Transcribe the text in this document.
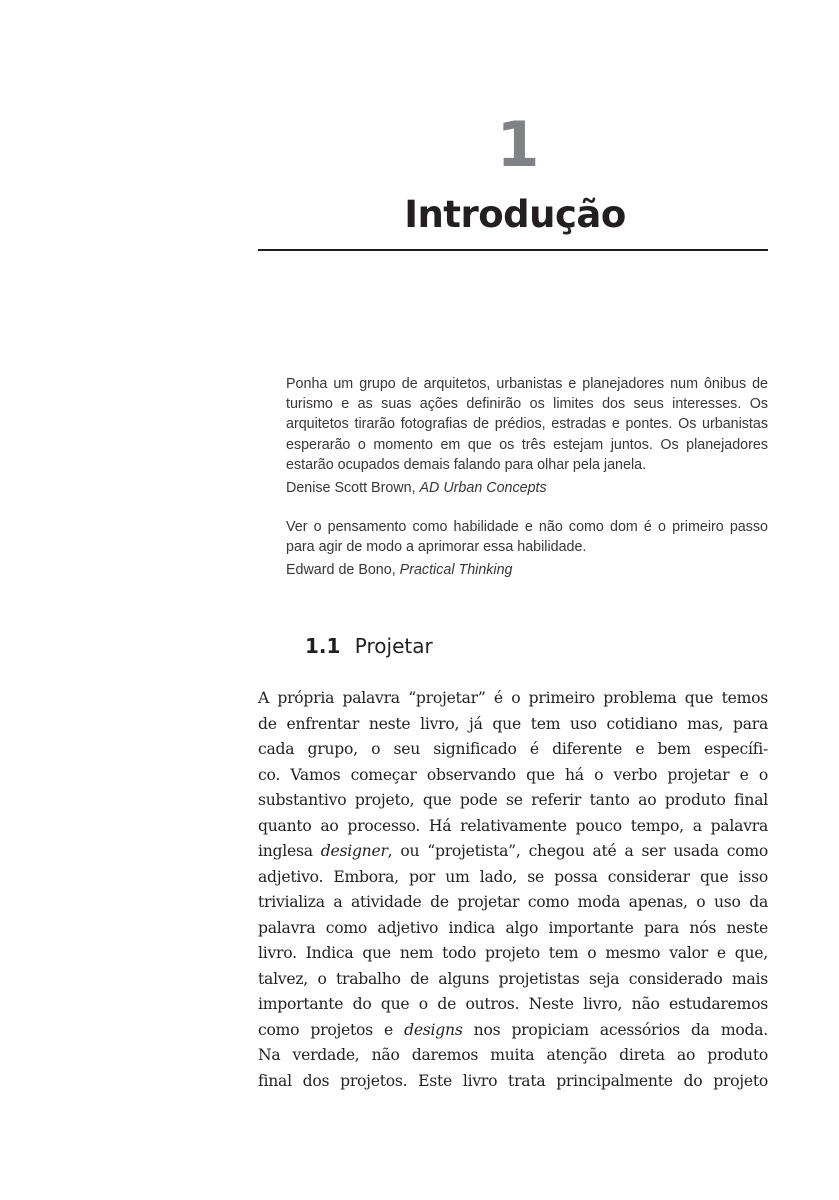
1
Introdução

Ponha um grupo de arquitetos, urbanistas e planejadores num ônibus de turismo e as suas ações definirão os limites dos seus interesses. Os arquitetos tirarão fotografias de prédios, estradas e pontes. Os urbanistas esperarão o momento em que os três estejam juntos. Os planejadores estarão ocupados demais falando para olhar pela janela.

Denise Scott Brown, AD Urban Concepts

Ver o pensamento como habilidade e não como dom é o primeiro passo para agir de modo a aprimorar essa habilidade.

Edward de Bono, Practical Thinking

1.1 Projetar
A própria palavra “projetar” é o primeiro problema que temos
de enfrentar neste livro, já que tem uso cotidiano mas, para
cada grupo, o seu significado é diferente e bem específi-
co. Vamos começar observando que há o verbo projetar e o
substantivo projeto, que pode se referir tanto ao produto final
quanto ao processo. Há relativamente pouco tempo, a palavra
inglesa designer, ou “projetista”, chegou até a ser usada como
adjetivo. Embora, por um lado, se possa considerar que isso
trivializa a atividade de projetar como moda apenas, o uso da
palavra como adjetivo indica algo importante para nós neste
livro. Indica que nem todo projeto tem o mesmo valor e que,
talvez, o trabalho de alguns projetistas seja considerado mais
importante do que o de outros. Neste livro, não estudaremos
como projetos e designs nos propiciam acessórios da moda.
Na verdade, não daremos muita atenção direta ao produto
final dos projetos. Este livro trata principalmente do projeto
